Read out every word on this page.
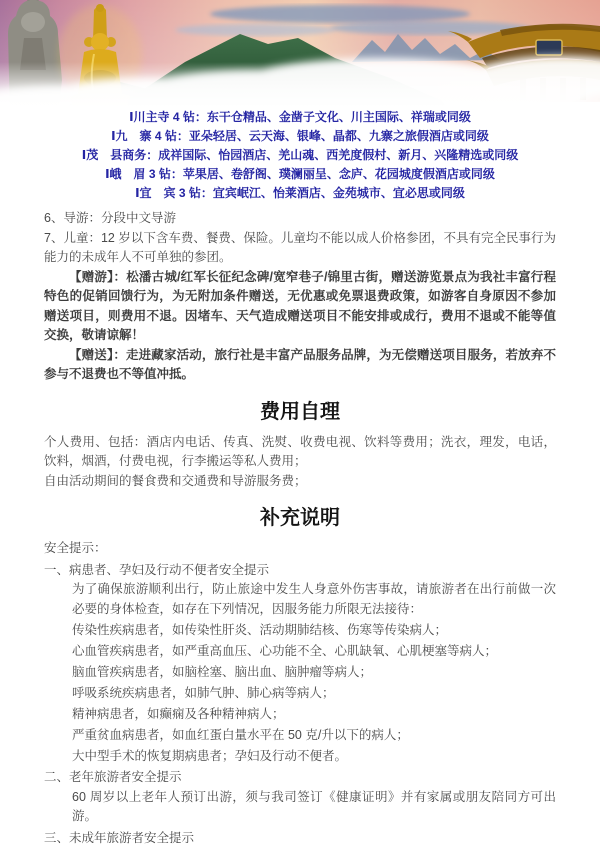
Ⅰ川主寺 4 钻：东干仓精品、金凿子文化、川主国际、祥瑞或同级
Ⅰ九　寨 4 钻：亚朵轻居、云天海、银峰、晶都、九寨之旅假酒店或同级
Ⅰ茂　县商务：成祥国际、怡园酒店、羌山魂、西羌度假村、新月、兴隆精选或同级
Ⅰ峨　眉 3 钻：苹果居、卷舒阁、璞澜丽呈、念庐、花园城度假酒店或同级
Ⅰ宜　宾 3 钻：宜宾岷江、怡莱酒店、金苑城市、宜必思或同级

6、导游：分段中文导游

7、儿童：12 岁以下含车费、餐费、保险。儿童均不能以成人价格参团，不具有完全民事行为能力的未成年人不可单独的参团。

【赠游】：松潘古城/红军长征纪念碑/宽窄巷子/锦里古街，赠送游览景点为我社丰富行程特色的促销回馈行为，为无附加条件赠送，无优惠或免票退费政策，如游客自身原因不参加赠送项目，则费用不退。因堵车、天气造成赠送项目不能安排或成行，费用不退或不能等值交换，敬请谅解！

【赠送】：走进藏家活动，旅行社是丰富产品服务品牌，为无偿赠送项目服务，若放弃不参与不退费也不等值冲抵。

费用自理

个人费用、包括：酒店内电话、传真、洗熨、收费电视、饮料等费用；洗衣，理发，电话，饮料，烟酒，付费电视，行李搬运等私人费用；

自由活动期间的餐食费和交通费和导游服务费；

补充说明

安全提示：

一、病患者、孕妇及行动不便者安全提示

为了确保旅游顺利出行，防止旅途中发生人身意外伤害事故，请旅游者在出行前做一次必要的身体检查，如存在下列情况，因服务能力所限无法接待：

传染性疾病患者，如传染性肝炎、活动期肺结核、伤寒等传染病人；

心血管疾病患者，如严重高血压、心功能不全、心肌缺氧、心肌梗塞等病人；

脑血管疾病患者，如脑栓塞、脑出血、脑肿瘤等病人；

呼吸系统疾病患者，如肺气肿、肺心病等病人；

精神病患者，如癫痫及各种精神病人；

严重贫血病患者，如血红蛋白量水平在 50 克/升以下的病人；

大中型手术的恢复期病患者；孕妇及行动不便者。

二、老年旅游者安全提示

60 周岁以上老年人预订出游，须与我司签订《健康证明》并有家属或朋友陪同方可出游。

三、未成年旅游者安全提示
